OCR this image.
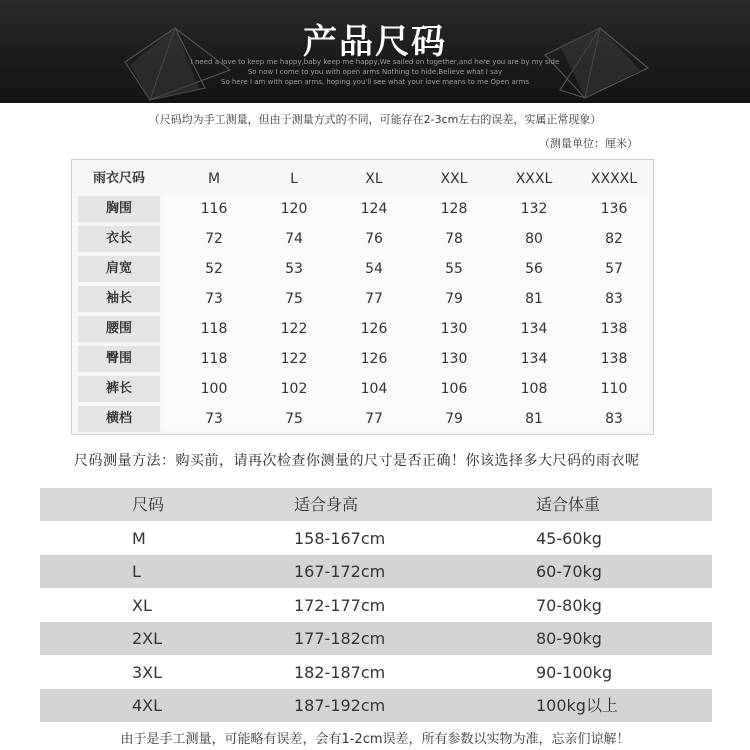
产品尺码
I need a love to keep me happy,baby keep me happy,We sailed on together,and here you are by my side
So now I come to you with open arms Nothing to hide,Believe what I say
So here I am with open arms, hoping you'll see what your love means to me Open arms
（尺码均为手工测量，但由于测量方式的不同，可能存在2-3cm左右的误差，实属正常现象）
（测量单位：厘米）
雨衣尺码	M	L	XL	XXL	XXXL	XXXXL
胸围	116	120	124	128	132	136
衣长	72	74	76	78	80	82
肩宽	52	53	54	55	56	57
袖长	73	75	77	79	81	83
腰围	118	122	126	130	134	138
臀围	118	122	126	130	134	138
裤长	100	102	104	106	108	110
横档	73	75	77	79	81	83
尺码测量方法：购买前，请再次检查你测量的尺寸是否正确！你该选择多大尺码的雨衣呢
尺码	适合身高	适合体重
M	158-167cm	45-60kg
L	167-172cm	60-70kg
XL	172-177cm	70-80kg
2XL	177-182cm	80-90kg
3XL	182-187cm	90-100kg
4XL	187-192cm	100kg以上
由于是手工测量，可能略有误差，会有1-2cm误差，所有参数以实物为准，忘亲们谅解！
